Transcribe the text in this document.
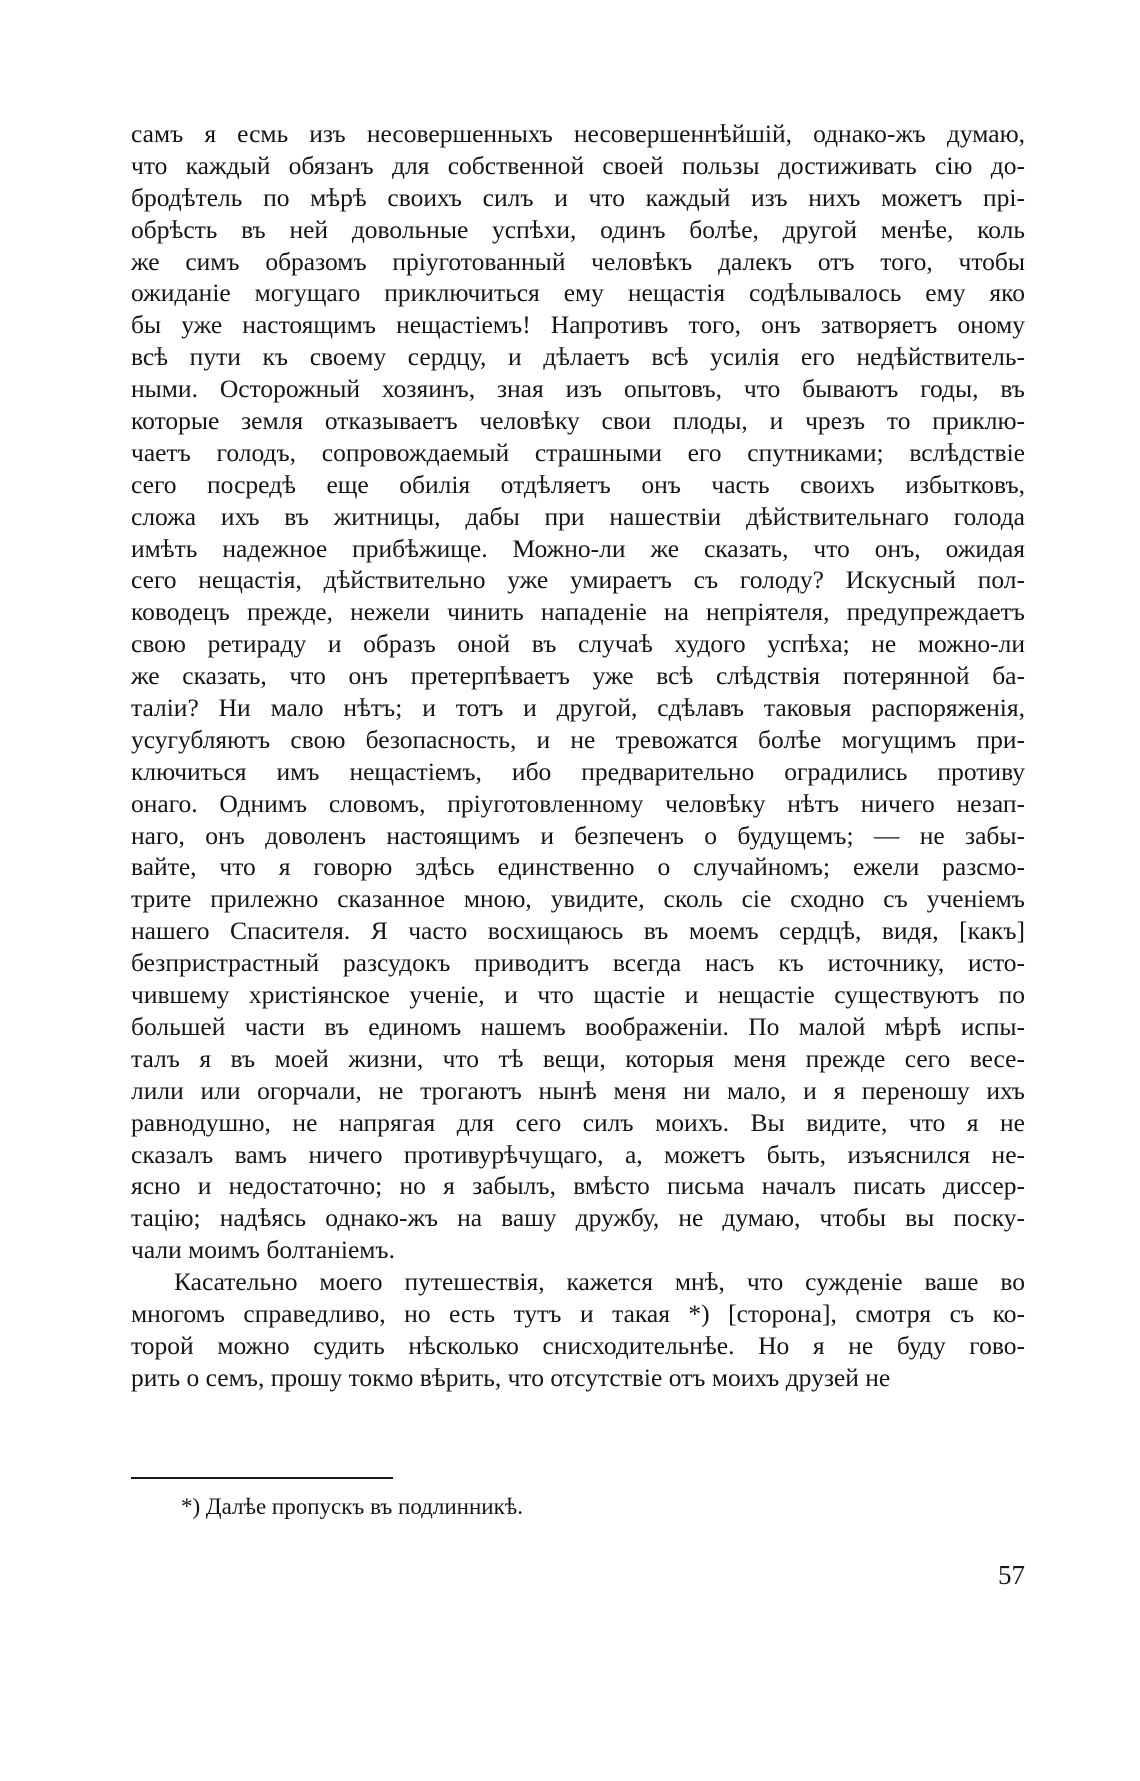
самъ я есмь изъ несовершенныхъ несовершеннѣйшій, однако-жъ думаю,
что каждый обязанъ для собственной своей пользы достиживать сію до-
бродѣтель по мѣрѣ своихъ силъ и что каждый изъ нихъ можетъ прі-
обрѣсть въ ней довольные успѣхи, одинъ болѣе, другой менѣе, коль
же симъ образомъ пріуготованный человѣкъ далекъ отъ того, чтобы
ожиданіе могущаго приключиться ему нещастія содѣлывалось ему яко
бы уже настоящимъ нещастіемъ! Напротивъ того, онъ затворяетъ оному
всѣ пути къ своему сердцу, и дѣлаетъ всѣ усилія его недѣйствитель-
ными. Осторожный хозяинъ, зная изъ опытовъ, что бываютъ годы, въ
которые земля отказываетъ человѣку свои плоды, и чрезъ то приклю-
чаетъ голодъ, сопровождаемый страшными его спутниками; вслѣдствіе
сего посредѣ еще обилія отдѣляетъ онъ часть своихъ избытковъ,
сложа ихъ въ житницы, дабы при нашествіи дѣйствительнаго голода
имѣть надежное прибѣжище. Можно-ли же сказать, что онъ, ожидая
сего нещастія, дѣйствительно уже умираетъ съ голоду? Искусный пол-
ководецъ прежде, нежели чинить нападеніе на непріятеля, предупреждаетъ
свою ретираду и образъ оной въ случаѣ худого успѣха; не можно-ли
же сказать, что онъ претерпѣваетъ уже всѣ слѣдствія потерянной ба-
таліи? Ни мало нѣтъ; и тотъ и другой, сдѣлавъ таковыя распоряженія,
усугубляютъ свою безопасность, и не тревожатся болѣе могущимъ при-
ключиться имъ нещастіемъ, ибо предварительно оградились противу
онаго. Однимъ словомъ, пріуготовленному человѣку нѣтъ ничего незап-
наго, онъ доволенъ настоящимъ и безпеченъ о будущемъ; — не забы-
вайте, что я говорю здѣсь единственно о случайномъ; ежели разсмо-
трите прилежно сказанное мною, увидите, сколь сіе сходно съ ученіемъ
нашего Спасителя. Я часто восхищаюсь въ моемъ сердцѣ, видя, [какъ]
безпристрастный разсудокъ приводитъ всегда насъ къ источнику, исто-
чившему христіянское ученіе, и что щастіе и нещастіе существуютъ по
большей части въ единомъ нашемъ воображеніи. По малой мѣрѣ испы-
талъ я въ моей жизни, что тѣ вещи, которыя меня прежде сего весе-
лили или огорчали, не трогаютъ нынѣ меня ни мало, и я переношу ихъ
равнодушно, не напрягая для сего силъ моихъ. Вы видите, что я не
сказалъ вамъ ничего противурѣчущаго, а, можетъ быть, изъяснился не-
ясно и недостаточно; но я забылъ, вмѣсто письма началъ писать диссер-
тацію; надѣясь однако-жъ на вашу дружбу, не думаю, чтобы вы поску-
чали моимъ болтаніемъ.
Касательно моего путешествія, кажется мнѣ, что сужденіе ваше во
многомъ справедливо, но есть тутъ и такая *) [сторона], смотря съ ко-
торой можно судить нѣсколько снисходительнѣе. Но я не буду гово-
рить о семъ, прошу токмо вѣрить, что отсутствіе отъ моихъ друзей не
*) Далѣе пропускъ въ подлинникѣ.
57
